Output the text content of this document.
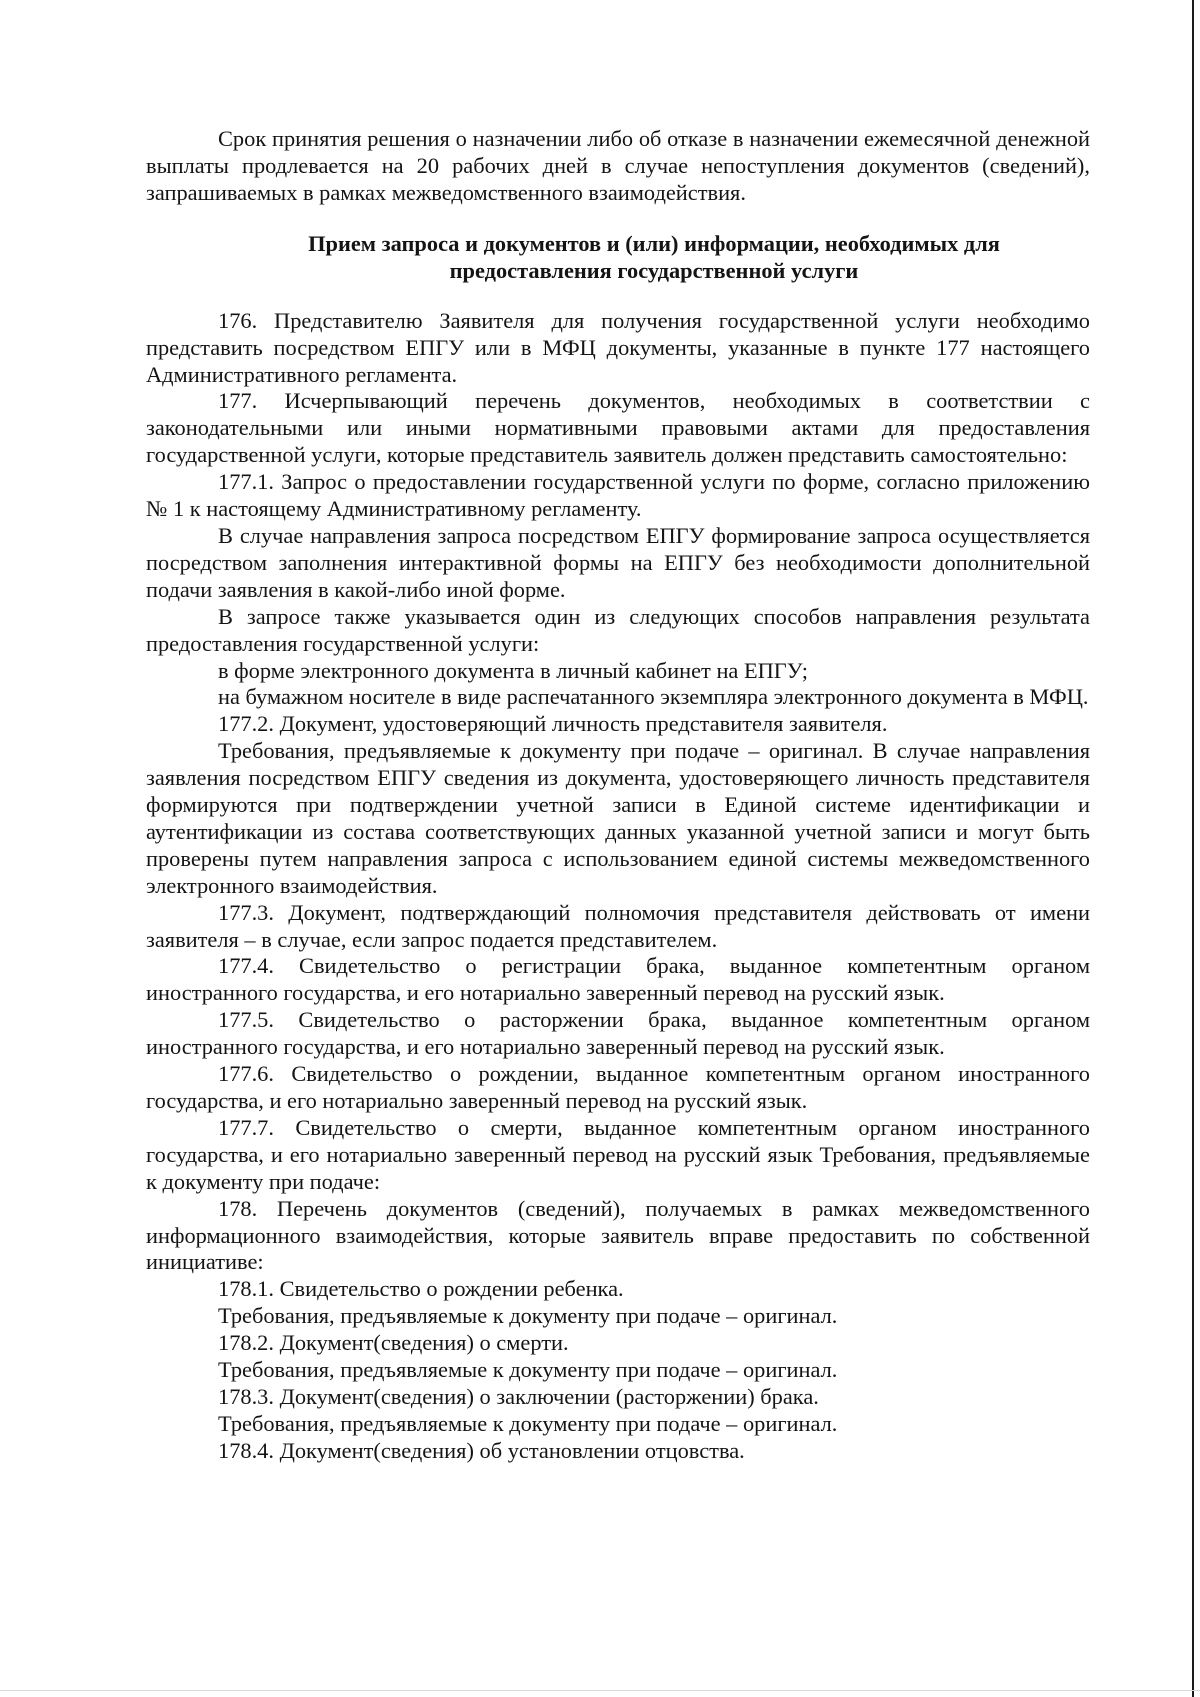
Срок принятия решения о назначении либо об отказе в назначении ежемесячной денежной выплаты продлевается на 20 рабочих дней в случае непоступления документов (сведений), запрашиваемых в рамках межведомственного взаимодействия.

Прием запроса и документов и (или) информации, необходимых для
предоставления государственной услуги

176. Представителю Заявителя для получения государственной услуги необходимо представить посредством ЕПГУ или в МФЦ документы, указанные в пункте 177 настоящего Административного регламента.

177. Исчерпывающий перечень документов, необходимых в соответствии с законодательными или иными нормативными правовыми актами для предоставления государственной услуги, которые представитель заявитель должен представить самостоятельно:

177.1. Запрос о предоставлении государственной услуги по форме, согласно приложению № 1 к настоящему Административному регламенту.

В случае направления запроса посредством ЕПГУ формирование запроса осуществляется посредством заполнения интерактивной формы на ЕПГУ без необходимости дополнительной подачи заявления в какой-либо иной форме.

В запросе также указывается один из следующих способов направления результата предоставления государственной услуги:

в форме электронного документа в личный кабинет на ЕПГУ;

на бумажном носителе в виде распечатанного экземпляра электронного документа в МФЦ.

177.2. Документ, удостоверяющий личность представителя заявителя.

Требования, предъявляемые к документу при подаче – оригинал. В случае направления заявления посредством ЕПГУ сведения из документа, удостоверяющего личность представителя формируются при подтверждении учетной записи в Единой системе идентификации и аутентификации из состава соответствующих данных указанной учетной записи и могут быть проверены путем направления запроса с использованием единой системы межведомственного электронного взаимодействия.

177.3. Документ, подтверждающий полномочия представителя действовать от имени заявителя – в случае, если запрос подается представителем.

177.4. Свидетельство о регистрации брака, выданное компетентным органом иностранного государства, и его нотариально заверенный перевод на русский язык.

177.5. Свидетельство о расторжении брака, выданное компетентным органом иностранного государства, и его нотариально заверенный перевод на русский язык.

177.6. Свидетельство о рождении, выданное компетентным органом иностранного государства, и его нотариально заверенный перевод на русский язык.

177.7. Свидетельство о смерти, выданное компетентным органом иностранного государства, и его нотариально заверенный перевод на русский язык Требования, предъявляемые к документу при подаче:

178. Перечень документов (сведений), получаемых в рамках межведомственного информационного взаимодействия, которые заявитель вправе предоставить по собственной инициативе:

178.1. Свидетельство о рождении ребенка.

Требования, предъявляемые к документу при подаче – оригинал.

178.2. Документ(сведения) о смерти.

Требования, предъявляемые к документу при подаче – оригинал.

178.3. Документ(сведения) о заключении (расторжении) брака.

Требования, предъявляемые к документу при подаче – оригинал.

178.4. Документ(сведения) об установлении отцовства.
